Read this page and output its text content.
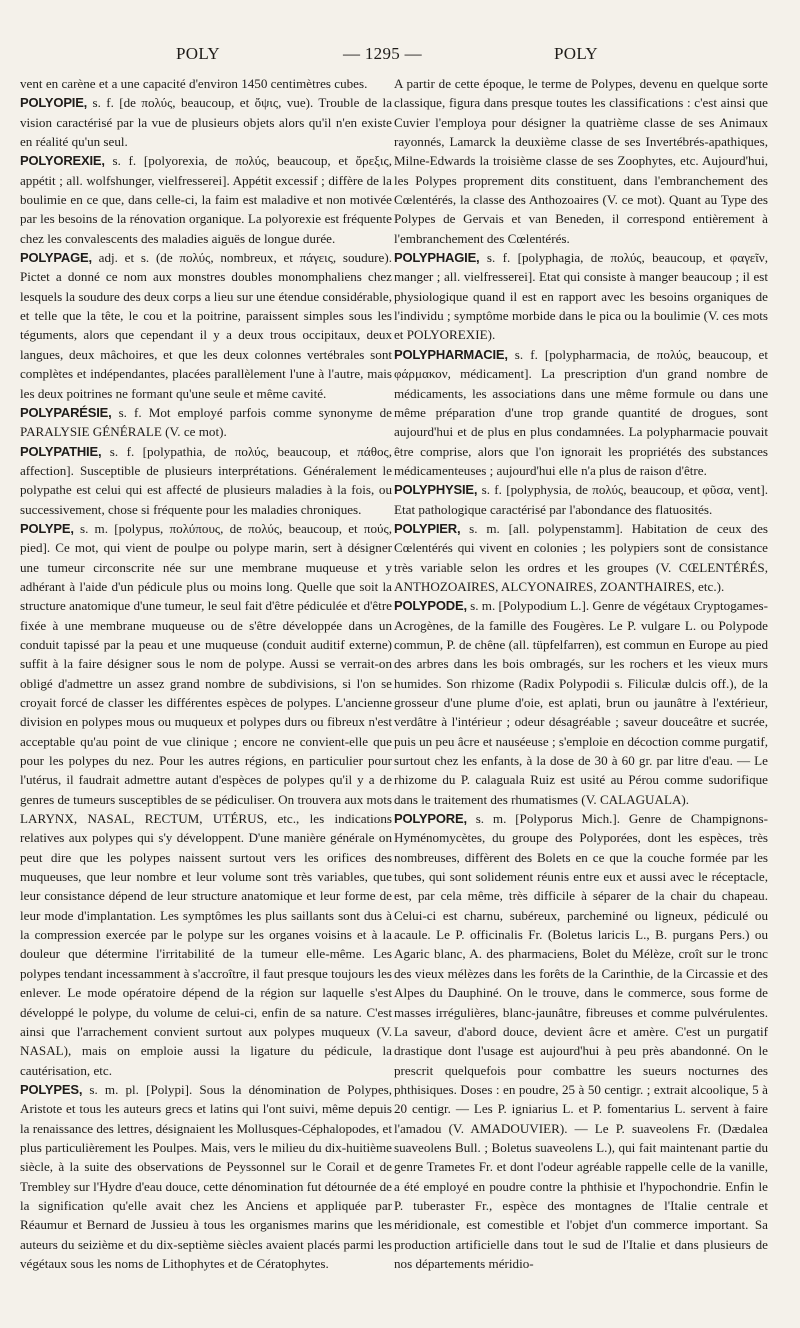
POLY	— 1295 —	POLY

vent en carène et a une capacité d'environ 1450 centimètres cubes.

POLYOPIE, s. f. [de πολύς, beaucoup, et ὄψις, vue). Trouble de la vision caractérisé par la vue de plusieurs objets alors qu'il n'en existe en réalité qu'un seul.

POLYOREXIE, s. f. [polyorexia, de πολύς, beaucoup, et ὄρεξις, appétit ; all. wolfshunger, vielfresserei]. Appétit excessif ; diffère de la boulimie en ce que, dans celle-ci, la faim est maladive et non motivée par les besoins de la rénovation organique. La polyorexie est fréquente chez les convalescents des maladies aiguës de longue durée.

POLYPAGE, adj. et s. (de πολύς, nombreux, et πάγεις, soudure). Pictet a donné ce nom aux monstres doubles monomphaliens chez lesquels la soudure des deux corps a lieu sur une étendue considérable, et telle que la tête, le cou et la poitrine, paraissent simples sous les téguments, alors que cependant il y a deux trous occipitaux, deux langues, deux mâchoires, et que les deux colonnes vertébrales sont complètes et indépendantes, placées parallèlement l'une à l'autre, mais les deux poitrines ne formant qu'une seule et même cavité.

POLYPARÉSIE, s. f. Mot employé parfois comme synonyme de PARALYSIE GÉNÉRALE (V. ce mot).

POLYPATHIE, s. f. [polypathia, de πολύς, beaucoup, et πάθος, affection]. Susceptible de plusieurs interprétations. Généralement le polypathe est celui qui est affecté de plusieurs maladies à la fois, ou successivement, chose si fréquente pour les maladies chroniques.

POLYPE, s. m. [polypus, πολύπους, de πολύς, beaucoup, et πούς, pied]. Ce mot, qui vient de poulpe ou polype marin, sert à désigner une tumeur circonscrite née sur une membrane muqueuse et y adhérant à l'aide d'un pédicule plus ou moins long. Quelle que soit la structure anatomique d'une tumeur, le seul fait d'être pédiculée et d'être fixée à une membrane muqueuse ou de s'être développée dans un conduit tapissé par la peau et une muqueuse (conduit auditif externe) suffit à la faire désigner sous le nom de polype. Aussi se verrait-on obligé d'admettre un assez grand nombre de subdivisions, si l'on se croyait forcé de classer les différentes espèces de polypes. L'ancienne division en polypes mous ou muqueux et polypes durs ou fibreux n'est acceptable qu'au point de vue clinique ; encore ne convient-elle que pour les polypes du nez. Pour les autres régions, en particulier pour l'utérus, il faudrait admettre autant d'espèces de polypes qu'il y a de genres de tumeurs susceptibles de se pédiculiser. On trouvera aux mots LARYNX, NASAL, RECTUM, UTÉRUS, etc., les indications relatives aux polypes qui s'y développent. D'une manière générale on peut dire que les polypes naissent surtout vers les orifices des muqueuses, que leur nombre et leur volume sont très variables, que leur consistance dépend de leur structure anatomique et leur forme de leur mode d'implantation. Les symptômes les plus saillants sont dus à la compression exercée par le polype sur les organes voisins et à la douleur que détermine l'irritabilité de la tumeur elle-même. Les polypes tendant incessamment à s'accroître, il faut presque toujours les enlever. Le mode opératoire dépend de la région sur laquelle s'est développé le polype, du volume de celui-ci, enfin de sa nature. C'est ainsi que l'arrachement convient surtout aux polypes muqueux (V. NASAL), mais on emploie aussi la ligature du pédicule, la cautérisation, etc.

POLYPES, s. m. pl. [Polypi]. Sous la dénomination de Polypes, Aristote et tous les auteurs grecs et latins qui l'ont suivi, même depuis la renaissance des lettres, désignaient les Mollusques-Céphalopodes, et plus particulièrement les Poulpes. Mais, vers le milieu du dix-huitième siècle, à la suite des observations de Peyssonnel sur le Corail et de Trembley sur l'Hydre d'eau douce, cette dénomination fut détournée de la signification qu'elle avait chez les Anciens et appliquée par Réaumur et Bernard de Jussieu à tous les organismes marins que les auteurs du seizième et du dix-septième siècles avaient placés parmi les végétaux sous les noms de Lithophytes et de Cératophytes.

A partir de cette époque, le terme de Polypes, devenu en quelque sorte classique, figura dans presque toutes les classifications : c'est ainsi que Cuvier l'employa pour désigner la quatrième classe de ses Animaux rayonnés, Lamarck la deuxième classe de ses Invertébrés-apathiques, Milne-Edwards la troisième classe de ses Zoophytes, etc. Aujourd'hui, les Polypes proprement dits constituent, dans l'embranchement des Cœlentérés, la classe des Anthozoaires (V. ce mot). Quant au Type des Polypes de Gervais et van Beneden, il correspond entièrement à l'embranchement des Cœlentérés.

POLYPHAGIE, s. f. [polyphagia, de πολύς, beaucoup, et φαγεῖν, manger ; all. vielfresserei]. Etat qui consiste à manger beaucoup ; il est physiologique quand il est en rapport avec les besoins organiques de l'individu ; symptôme morbide dans le pica ou la boulimie (V. ces mots et POLYOREXIE).

POLYPHARMACIE, s. f. [polypharmacia, de πολύς, beaucoup, et φάρμακον, médicament]. La prescription d'un grand nombre de médicaments, les associations dans une même formule ou dans une même préparation d'une trop grande quantité de drogues, sont aujourd'hui et de plus en plus condamnées. La polypharmacie pouvait être comprise, alors que l'on ignorait les propriétés des substances médicamenteuses ; aujourd'hui elle n'a plus de raison d'être.

POLYPHYSIE, s. f. [polyphysia, de πολύς, beaucoup, et φῦσα, vent]. Etat pathologique caractérisé par l'abondance des flatuosités.

POLYPIER, s. m. [all. polypenstamm]. Habitation de ceux des Cœlentérés qui vivent en colonies ; les polypiers sont de consistance très variable selon les ordres et les groupes (V. CŒLENTÉRÉS, ANTHOZOAIRES, ALCYONAIRES, ZOANTHAIRES, etc.).

POLYPODE, s. m. [Polypodium L.]. Genre de végétaux Cryptogames-Acrogènes, de la famille des Fougères. Le P. vulgare L. ou Polypode commun, P. de chêne (all. tüpfelfarren), est commun en Europe au pied des arbres dans les bois ombragés, sur les rochers et les vieux murs humides. Son rhizome (Radix Polypodii s. Filiculæ dulcis off.), de la grosseur d'une plume d'oie, est aplati, brun ou jaunâtre à l'extérieur, verdâtre à l'intérieur ; odeur désagréable ; saveur douceâtre et sucrée, puis un peu âcre et nauséeuse ; s'emploie en décoction comme purgatif, surtout chez les enfants, à la dose de 30 à 60 gr. par litre d'eau. — Le rhizome du P. calaguala Ruiz est usité au Pérou comme sudorifique dans le traitement des rhumatismes (V. CALAGUALA).

POLYPORE, s. m. [Polyporus Mich.]. Genre de Champignons-Hyménomycètes, du groupe des Polyporées, dont les espèces, très nombreuses, diffèrent des Bolets en ce que la couche formée par les tubes, qui sont solidement réunis entre eux et aussi avec le réceptacle, est, par cela même, très difficile à séparer de la chair du chapeau. Celui-ci est charnu, subéreux, parcheminé ou ligneux, pédiculé ou acaule. Le P. officinalis Fr. (Boletus laricis L., B. purgans Pers.) ou Agaric blanc, A. des pharmaciens, Bolet du Mélèze, croît sur le tronc des vieux mélèzes dans les forêts de la Carinthie, de la Circassie et des Alpes du Dauphiné. On le trouve, dans le commerce, sous forme de masses irrégulières, blanc-jaunâtre, fibreuses et comme pulvérulentes. La saveur, d'abord douce, devient âcre et amère. C'est un purgatif drastique dont l'usage est aujourd'hui à peu près abandonné. On le prescrit quelquefois pour combattre les sueurs nocturnes des phthisiques. Doses : en poudre, 25 à 50 centigr. ; extrait alcoolique, 5 à 20 centigr. — Les P. igniarius L. et P. fomentarius L. servent à faire l'amadou (V. AMADOUVIER). — Le P. suaveolens Fr. (Dædalea suaveolens Bull. ; Boletus suaveolens L.), qui fait maintenant partie du genre Trametes Fr. et dont l'odeur agréable rappelle celle de la vanille, a été employé en poudre contre la phthisie et l'hypochondrie. Enfin le P. tuberaster Fr., espèce des montagnes de l'Italie centrale et méridionale, est comestible et l'objet d'un commerce important. Sa production artificielle dans tout le sud de l'Italie et dans plusieurs de nos départements méridio-
